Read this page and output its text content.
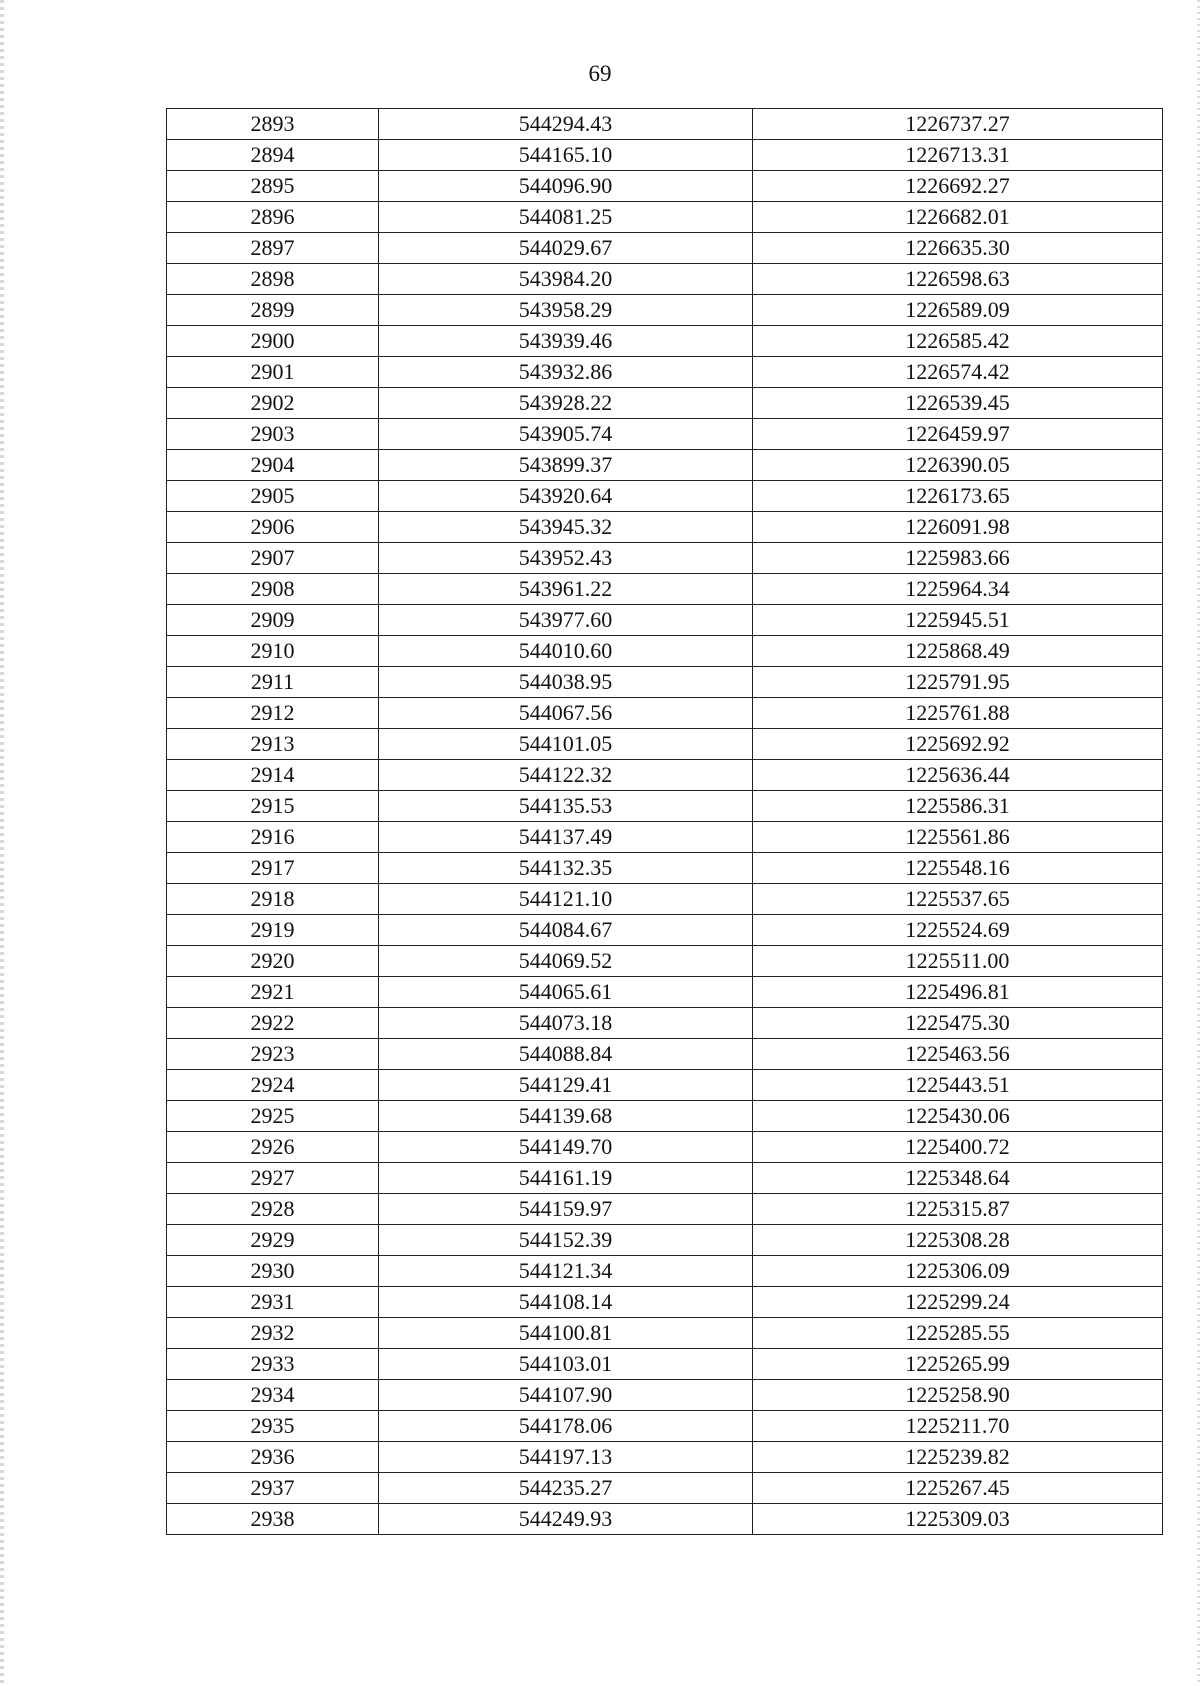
69
2893	544294.43	1226737.27
2894	544165.10	1226713.31
2895	544096.90	1226692.27
2896	544081.25	1226682.01
2897	544029.67	1226635.30
2898	543984.20	1226598.63
2899	543958.29	1226589.09
2900	543939.46	1226585.42
2901	543932.86	1226574.42
2902	543928.22	1226539.45
2903	543905.74	1226459.97
2904	543899.37	1226390.05
2905	543920.64	1226173.65
2906	543945.32	1226091.98
2907	543952.43	1225983.66
2908	543961.22	1225964.34
2909	543977.60	1225945.51
2910	544010.60	1225868.49
2911	544038.95	1225791.95
2912	544067.56	1225761.88
2913	544101.05	1225692.92
2914	544122.32	1225636.44
2915	544135.53	1225586.31
2916	544137.49	1225561.86
2917	544132.35	1225548.16
2918	544121.10	1225537.65
2919	544084.67	1225524.69
2920	544069.52	1225511.00
2921	544065.61	1225496.81
2922	544073.18	1225475.30
2923	544088.84	1225463.56
2924	544129.41	1225443.51
2925	544139.68	1225430.06
2926	544149.70	1225400.72
2927	544161.19	1225348.64
2928	544159.97	1225315.87
2929	544152.39	1225308.28
2930	544121.34	1225306.09
2931	544108.14	1225299.24
2932	544100.81	1225285.55
2933	544103.01	1225265.99
2934	544107.90	1225258.90
2935	544178.06	1225211.70
2936	544197.13	1225239.82
2937	544235.27	1225267.45
2938	544249.93	1225309.03
